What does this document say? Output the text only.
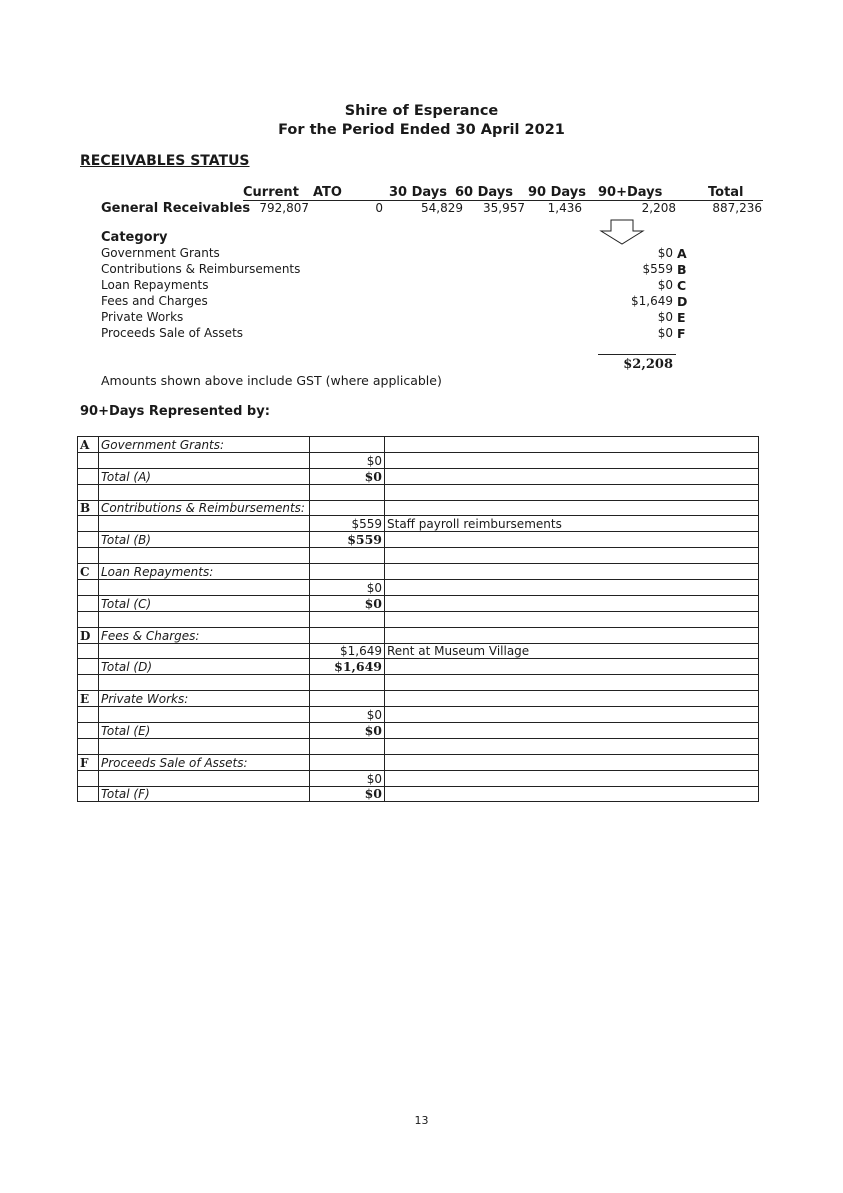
Shire of Esperance
For the Period Ended 30 April 2021
RECEIVABLES STATUS
Current ATO	30 Days 60 Days 90 Days 90+Days	Total
General Receivables 792,807	0	54,829	35,957	1,436	2,208	887,236
Category
Government Grants	$0 A
Contributions & Reimbursements	$559 B
Loan Repayments	$0 C
Fees and Charges	$1,649 D
Private Works	$0 E
Proceeds Sale of Assets	$0 F
$2,208
Amounts shown above include GST (where applicable)
90+Days Represented by:
A	Government Grants:		
		$0	
	Total (A)	$0	

B	Contributions & Reimbursements:		
		$559	Staff payroll reimbursements
	Total (B)	$559	

C	Loan Repayments:		
		$0	
	Total (C)	$0	

D	Fees & Charges:		
		$1,649	Rent at Museum Village
	Total (D)	$1,649	

E	Private Works:		
		$0	
	Total (E)	$0	

F	Proceeds Sale of Assets:		
		$0	
	Total (F)	$0	
13
